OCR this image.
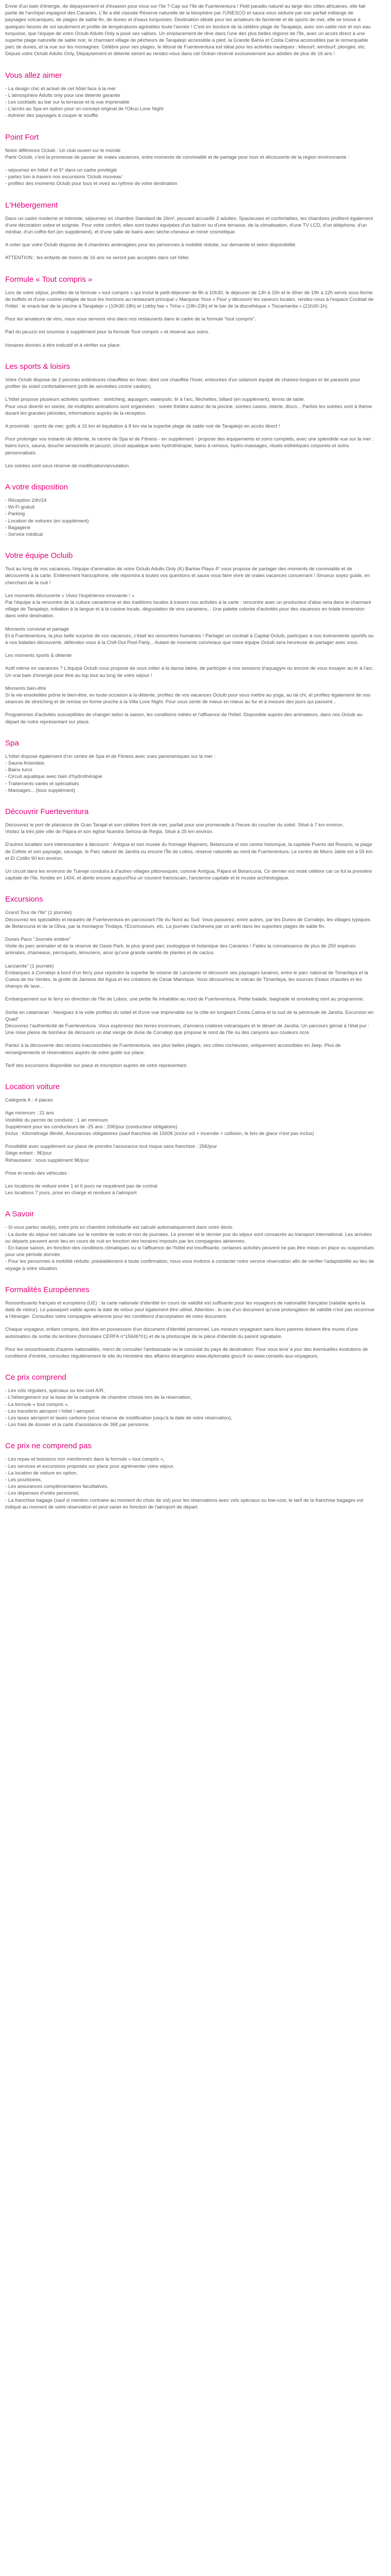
Envie d'un bain d'énergie, de dépaysement et d'évasion pour vous sur l'île ? Cap sur l'île de Fuerteventura ! Petit paradis naturel au large des côtes africaines, elle fait partie de l'archipel espagnol des Canaries. L'île a été classée Réserve naturelle de la biosphère par l'UNESCO et saura vous séduire par son parfait mélange de paysages volcaniques, de plages de sable fin, de dunes et d'eaux turquoises. Destination idéale pour les amateurs de farniente et de sports de mer, elle se trouve à quelques heures de vol seulement et profite de températures agréables toute l'année ! C'est en bordure de la célèbre plage de Tarajalejo, avec son sable noir et son eau turquoise, que l'équipe de votre Ocluib Adults Only a posé ses valises. Un emplacement de rêve dans l'une des plus belles régions de l'île, avec un accès direct à une superbe plage naturelle de sable noir, le charmant village de pêcheurs de Tarajalejo accessible à pied, la Grande Bahía et Costa Calma accessibles par le remarquable parc de dunes, et la vue sur les montagnes. Célèbre pour ses plages, le littoral de Fuerteventura est idéal pour les activités nautiques : kitesurf, windsurf, plongée, etc. Depuis votre Ocluib Adults Only, Dépaysement et détente seront au rendez-vous dans cet Océan réservé exclusivement aux adultes de plus de 16 ans !

Vous allez aimer

- La design chic et actuel de cet hôtel face à la mer
- L'atmosphère Adults only pour une détente garantie
- Les cocktails au bar sur la terrasse et la vue imprenable
- L'accès au Spa en option pour un concept original de l'Okuu Love Night
- Admirer des paysages à couper le souffle

Point Fort

Notre différence Ocluib : Un club ouvert sur le monde
Partir Ocluib, c'est la promesse de passer de vraies vacances, entre moments de convivialité et de partage pour tous et découverte de la région environnante :

- séjournez en hôtel 4 et 5* dans un cadre privilégié
- partez loin à travers nos excursions 'Ocluib nouveau'
- profitez des moments Ocluib pour tous et vivez au rythme de votre destination

L'Hébergement

Dans un cadre moderne et intimiste, séjournez en chambre Standard de 26m², pouvant accueillir 2 adultes. Spacieuses et confortables, les chambres profitent également d'une décoration sobre et soignée. Pour votre confort, elles sont toutes équipées d'un balcon ou d'une terrasse, de la climatisation, d'une TV LCD, d'un téléphone, d'un minibar, d'un coffre-fort (en supplément), et d'une salle de bains avec sèche-cheveux et miroir cosmétique.

A noter que votre Ocluib dispose de 4 chambres aménagées pour les personnes à mobilité réduite, sur demande et selon disponibilité.

ATTENTION : les enfants de moins de 16 ans ne seront pas acceptés dans cet hôtel.

Formule « Tout compris »

Lors de votre séjour, profitez de la formule « tout compris » qui inclut le petit-déjeuner de 8h à 10h30, le déjeuner de 13h à 15h et le dîner de 19h à 22h servis sous forme de buffets et d'une cuisine mitigée de tous les horizons au restaurant principal « Marquise Yoss » Pour y découvrir les saveurs locales, rendez-vous à l'espace Cocktail de l'hôtel : le snack-bar de la piscine à Tarajalejo » (10h30-18h) et Lobby bar « Tirha » (18h-23h) et le bar de la discothèque « Tiscamanita » (21h30-1h).

Pour les amateurs de vins, nous vous servons vins dans nos restaurants dans le cadre de la formule "tout compris".

Part du jacuzzi est soumise à supplément pour la formule Tout compris » et réservé aux soins.

Horaires donnés à titre indicatif et à vérifier sur place.

Les sports & loisirs

Votre Ocluib dispose de 2 piscines extérieures chauffées en hiver, dont une chauffée l'hiver, entourées d'un solarium équipé de chaises-longues et de parasols pour profiter du soleil confortablement (prêt de serviettes contre caution).

L'hôtel propose plusieurs activités sportives : stretching, aquagym, waterpolo, tir à l'arc, fléchettes, billard (en supplément), tennis de table.
Pour vous divertir en soirée, de multiples animations sont organisées : soirée théâtre autour de la piscine, soirées casino, loterie, disco... Parfois les soirées sont à thème durant les grandes périodes, informations auprès de la réception.

A proximité : sports de mer, golfs à 15 km et équitation à 8 km via la superbe plage de sable noir de Tarajalejo en accès direct !

Pour prolonger vos instants de détente, le centre de Spa et de Fitness - en supplément - propose des équipements et soins complets, avec une splendide vue sur la mer : bains turcs, sauna, douche sensorielle et jacuzzi, circuit aquatique avec hydrothérapie, bains à remous, hydro-massages, rituels esthétiques corporels et soins personnalisés.

Les soirées sont sous réserve de modification/annulation.

A votre disposition

- Réception 24h/24
- Wi-Fi gratuit
- Parking
- Location de voitures (en supplément)
- Bagagerie
- Service médical

Votre équipe Ocluib

Tout au long de vos vacances, l'équipe d'animation de votre Ocluib Adults Only (K) Barlow Playa 4* vous propose de partager des moments de convivialité et de découverte à la carte. Entièrement francophone, elle répondra à toutes vos questions et saura vous faire vivre de vraies vacances concernant ! Sinueux soyez guide, en cherchant de la nuit !

Les moments découverte « Vivez l'expérience innovante ! »
Par l'équipe à la rencontre de la culture canarienne et des traditions locales à travers nos activités à la carte : rencontre avec un producteur d'aloe vera dans le charmant village de Tarajalejo, initiation à la langue et à la cuisine locale, dégustation de vins canariens... Une palette colorée d'activités pour des vacances en totale immersion dans votre destination.

Moments convivial et partagé
Et à Fuerteventura, la plus belle surprise de vos vacances, c'était les rencontres humaines ! Partager un cocktail à Capital Ocluib, participez à nos événements sportifs ou à nos balades découverte, défendez-vous à la Chill-Out Pool Party... Autant de moments conviviaux que notre équipe Ocluib sera heureuse de partager avec vous.

Les moments sports & détente

Actif même en vacances ? L'équipe Ocluib vous propose de vous initier à la danse latine, de participer à nos sessions d'aquagym ou encore de vous essayer au tir à l'arc. Un vrai bain d'énergie pour être au top tout au long de votre séjour !

Moments bien-être
Si la vie ensoleillée prône le bien-être, en toute occasion à la détente, profitez de vos vacances Ocluib pour vous mettre au yoga, au tai chi, et profitez également de nos séances de stretching et de remise en forme proche à la Villa Love Night. Pour vous sentir de mieux en mieux au fur et à mesure des jours qui passent...

Programmes d'activités susceptibles de changer selon la saison, les conditions météo et l'affluence de l'hôtel. Disponible auprès des animateurs, dans nos Ocluib au départ de notre représentant sur place.

Spa

L'hôtel dispose également d'un centre de Spa et de Fitness avec vues panoramiques sur la mer :
- Sauna finlandais
- Bains turcs
- Circuit aquatique avec bain d'hydrothérapie
- Traitements variés et spécialisés
- Massages... (tous supplément)

Découvrir Fuerteventura

Découvrez le port de plaisance de Gran Tarajal et son célèbre front de mer, parfait pour une promenade à l'heure du coucher du soleil. Situé à 7 km environ.
Visitez la très jolie ville de Pájara et son église Nuestra Señora de Regla. Situé à 25 km environ.

D'autres localités sont intéressantes à découvrir : Antigua et son musée du fromage Majorero, Betancuria et son centre historique, la capitale Puerto del Rosario, la plage de Cofete et son paysage, sauvage, le Parc naturel de Jandía ou encore l'Île de Lobos, réserve naturelle au nord de Fuerteventura. Le centre de Morro Jable est à 55 km et El Cotillo 90 km environ.

Un circuit dans les environs de Tuineje conduira à d'autres villages pittoresques, comme Antigua, Pájara et Betancuria. Ce dernier est resté célèbre car ce fut la première capitale de l'île, fondée en 1404, et abrite encore aujourd'hui un couvent franciscain, l'ancienne capitale et le musée archéologique.

Excursions

Grand Tour de l'île" (1 journée)
Découvrez les spécialités et beautés de Fuerteventura en parcourant l'île du Nord au Sud. Vous passerez, entre autres, par les Dunes de Corralejo, les villages typiques de Betancuria et de la Oliva, par la montagne Tindaya, l'Ecomuseum, etc. La journée s'achèvera par un arrêt dans les superbes plages de sable fin.

Dunes Paco "Journée entière"
Visite du parc animalier et de la réserve de Oasis Park, le plus grand parc zoologique et botanique des Canaries ! Faites la connaissance de plus de 250 espèces animales, chameaux, perroquets, lémuriens, ainsi qu'une grande variété de plantes et de cactus.

Lanzarote" (1 journée)
Embarquez à Corralejo à bord d'un ferry pour rejoindre la superbe île voisine de Lanzarote et découvrir ses paysages lunaires, entre le parc national de Timanfaya et la Cueva de los Verdes, la grotte de Jameos del Agua et les créations de César Manrique. Vous découvrirez le volcan de Timanfaya, les sources d'eaux chaudes et les champs de lave...

Embarquement sur le ferry en direction de l'île de Lobos, une petite île inhabitée au nord de Fuerteventura. Petite balade, baignade et snorkeling sont au programme.

Sortie en catamaran : Naviguez à la voile profitez du soleil et d'une vue imprenable sur la côte en longeant Costa Calma et la sud de la péninsule de Jandía. Excursion en Quad"
Découvrez l'authenticité de Fuerteventura. Vous explorerez des terres inconnues, d'anciens cratères volcaniques et le désert de Jandía. Un parcours génial à l'état pur : Une mise pleine de bonheur de découvrir un état vierge de dune de Corralejo que propose le nord de l'île ou des canyons aux couleurs ocre.

Partez à la découverte des recoins inaccessibles de Fuerteventura, ses plus belles plages, ses côtes rocheuses, uniquement accessibles en Jeep. Plus de renseignements et réservations auprès de votre guide sur place.

Tarif des excursions disponible sur place et inscription auprès de votre représentant.

Location voiture

Catégorie A : 4 places

Age minimum : 21 ans
Visibilité du permis de conduire : 1 an minimum
Supplément pour les conducteurs de -25 ans : 20€/jour (conducteur obligatoire)
Inclus : Kilométrage illimité, Assurances obligatoires (sauf franchise de 1500€ (inclut vol + incendie + collision, le bris de glace n'est pas inclus)

Possibilité avec supplément sur place de prendre l'assurance tout risque sans franchise : 25€/jour
Siège enfant : 9€/jour
Réhausseur : sous supplément 9€/jour

Prise et rendu des véhicules :

Les locations de voiture entre 1 et 6 jours ne requièrent pas de contrat
Les locations 7 jours, prise en charge et rendues à l'aéroport

A Savoir

- Si vous partez seul(e), votre prix en chambre individuelle est calculé automatiquement dans votre devis.
- La durée du séjour est calculée sur le nombre de nuits et non de journées. Le premier et le dernier jour du séjour sont consacrés au transport international. Les arrivées ou départs peuvent avoir lieu en cours de nuit en fonction des horaires imposés par les compagnies aériennes.
- En basse saison, en fonction des conditions climatiques ou si l'affluence de l'hôtel est insuffisante, certaines activités peuvent ne pas être mises en place ou suspendues pour une période donnée.
- Pour les personnes à mobilité réduite, préalablement à toute confirmation, nous vous invitons à contacter notre service réservation afin de vérifier l'adaptabilité au lieu de voyage à votre situation.

Formalités Européennes

Ressortissants français et européens (UE) : la carte nationale d'identité en cours de validité est suffisante pour les voyageurs de nationalité française (valable après la date de retour). Le passeport valide après la date de retour peut également être utilisé. Attention : le cas d'un document qu'une prolongation de validité n'est pas reconnue à l'étranger. Consultez votre compagnie aérienne pour les conditions d'acceptation de votre document.

Chaque voyageur, enfant compris, doit être en possession d'un document d'identité personnel. Les mineurs voyageant sans leurs parents doivent être munis d'une autorisation de sortie du territoire (formulaire CERFA n°15646*01) et de la photocopie de la pièce d'identité du parent signataire.

Pour les ressortissants d'autres nationalités, merci de consulter l'ambassade ou le consulat du pays de destination. Pour vous tenir à jour des éventuelles évolutions de conditions d'entrée, consultez régulièrement le site du ministère des affaires étrangères www.diplomatie.gouv.fr ou www.conseils-aux-voyageurs.

Ce prix comprend

- Les vols réguliers, spéciaux ou low cost A/R,
- L'hébergement sur la base de la catégorie de chambre choisie lors de la réservation,
- La formule « tout compris »,
- Les transferts aéroport / hôtel / aéroport
- Les taxes aéroport et taxes carbone (sous réserve de modification jusqu'à la date de votre réservation),
- Les frais de dossier et la carte d'assistance de 36€ par personne.

Ce prix ne comprend pas

- Les repas et boissons non mentionnés dans la formule « tout compris »,
- Les services et excursions proposés sur place pour agrémenter votre séjour,
- La location de voiture en option,
- Les pourboires,
- Les assurances complémentaires facultatives,
- Les dépenses d'ordre personnel,
- La franchise bagage (sauf si mention contraire au moment du choix de vol) pour les réservations avec vols spéciaux ou low-cost, le tarif de la franchise bagages est indiqué au moment de votre réservation et peut varier en fonction de l'aéroport de départ.
